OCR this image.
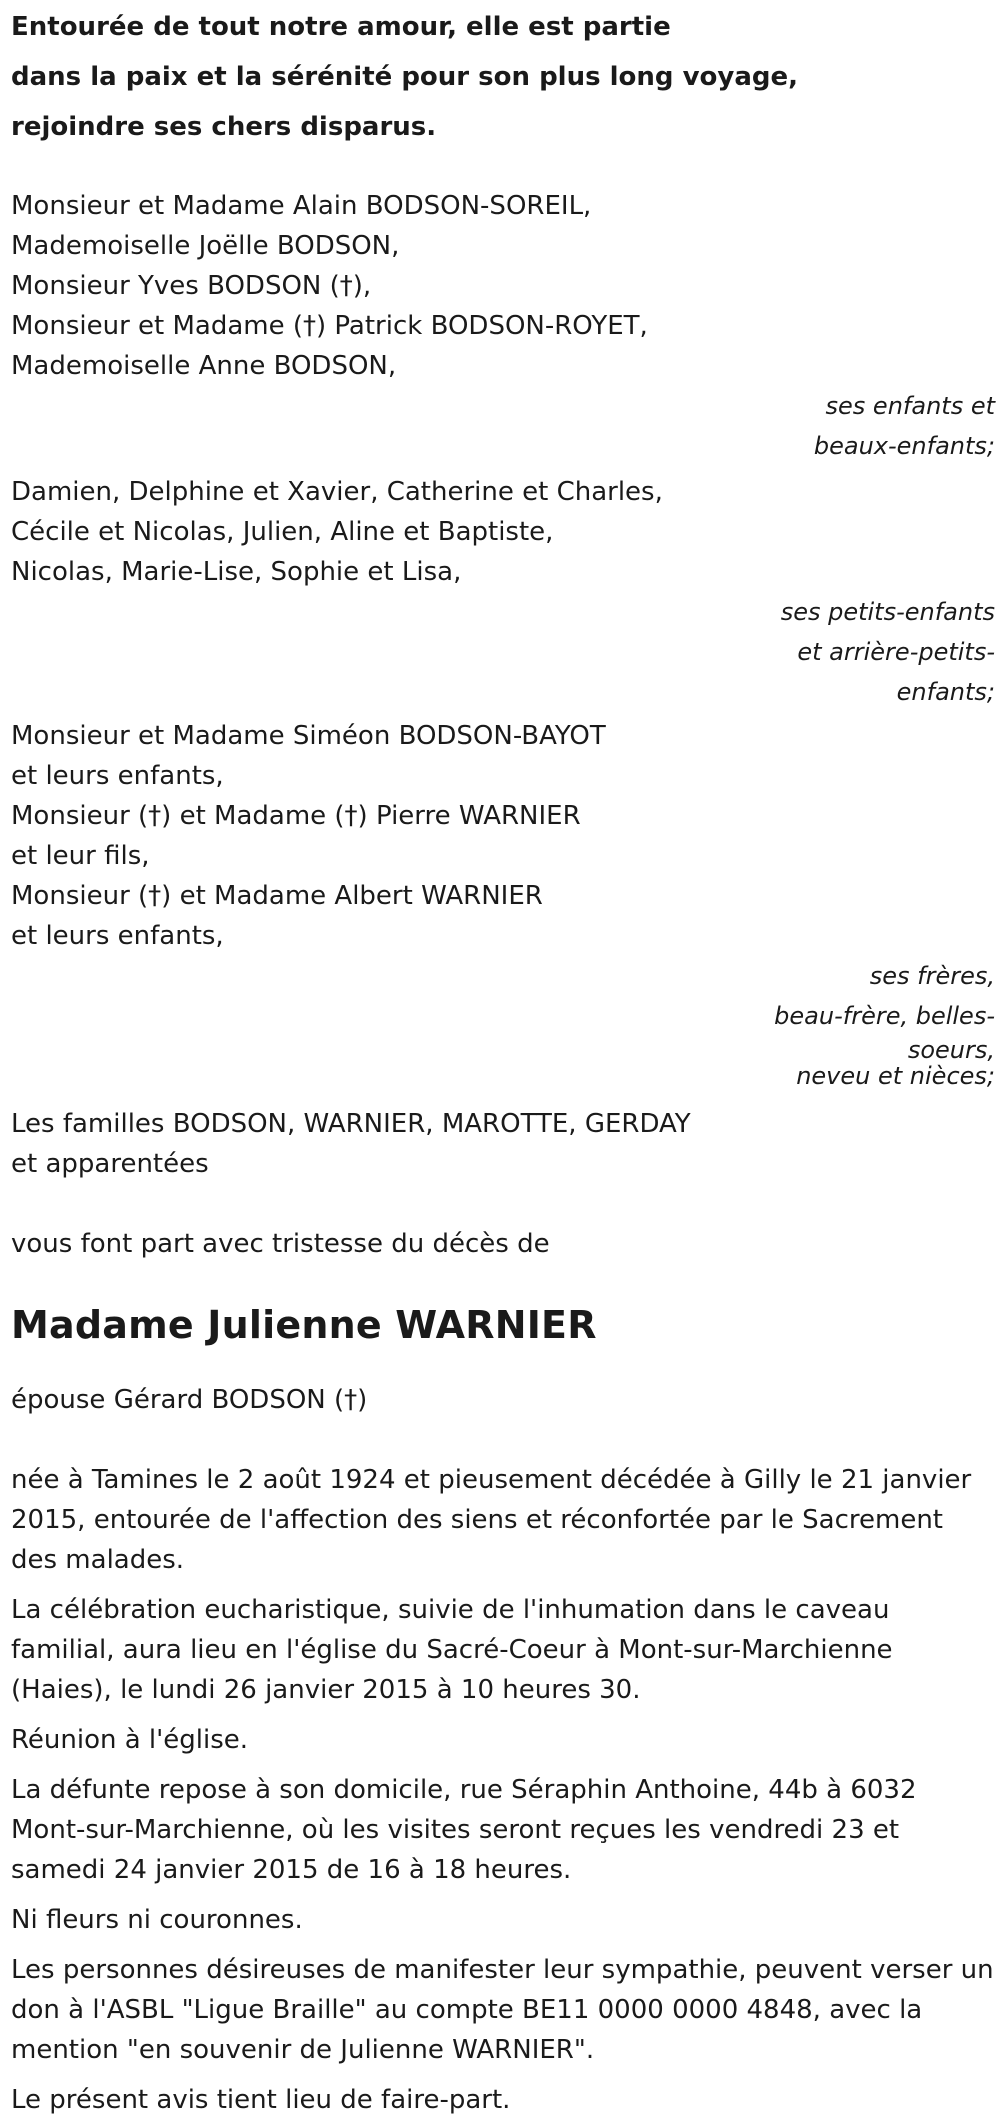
Entourée de tout notre amour, elle est partie
dans la paix et la sérénité pour son plus long voyage,
rejoindre ses chers disparus.
Monsieur et Madame Alain BODSON-SOREIL,
Mademoiselle Joëlle BODSON,
Monsieur Yves BODSON (†),
Monsieur et Madame (†) Patrick BODSON-ROYET,
Mademoiselle Anne BODSON,
ses enfants et
beaux-enfants;
Damien, Delphine et Xavier, Catherine et Charles,
Cécile et Nicolas, Julien, Aline et Baptiste,
Nicolas, Marie-Lise, Sophie et Lisa,
ses petits-enfants
et arrière-petits-
enfants;
Monsieur et Madame Siméon BODSON-BAYOT
et leurs enfants,
Monsieur (†) et Madame (†) Pierre WARNIER
et leur fils,
Monsieur (†) et Madame Albert WARNIER
et leurs enfants,
ses frères,
beau-frère, belles-
soeurs,
neveu et nièces;
Les familles BODSON, WARNIER, MAROTTE, GERDAY
et apparentées
vous font part avec tristesse du décès de
Madame Julienne WARNIER
épouse Gérard BODSON (†)
née à Tamines le 2 août 1924 et pieusement décédée à Gilly le 21 janvier 2015, entourée de l'affection des siens et réconfortée par le Sacrement des malades.
La célébration eucharistique, suivie de l'inhumation dans le caveau familial, aura lieu en l'église du Sacré-Coeur à Mont-sur-Marchienne (Haies), le lundi 26 janvier 2015 à 10 heures 30.
Réunion à l'église.
La défunte repose à son domicile, rue Séraphin Anthoine, 44b à 6032 Mont-sur-Marchienne, où les visites seront reçues les vendredi 23 et samedi 24 janvier 2015 de 16 à 18 heures.
Ni fleurs ni couronnes.
Les personnes désireuses de manifester leur sympathie, peuvent verser un don à l'ASBL "Ligue Braille" au compte BE11 0000 0000 4848, avec la mention "en souvenir de Julienne WARNIER".
Le présent avis tient lieu de faire-part.
